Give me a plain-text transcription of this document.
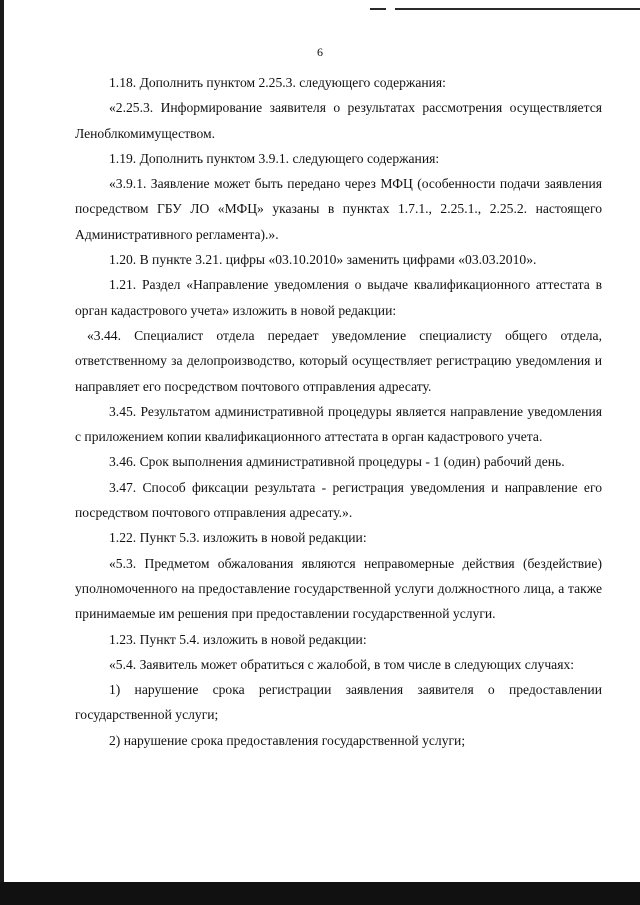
6

1.18. Дополнить пунктом 2.25.3. следующего содержания:

«2.25.3. Информирование заявителя о результатах рассмотрения осуществляется Леноблкомимуществом.

1.19. Дополнить пунктом 3.9.1. следующего содержания:

«3.9.1. Заявление может быть передано через МФЦ (особенности подачи заявления посредством ГБУ ЛО «МФЦ» указаны в пунктах 1.7.1., 2.25.1., 2.25.2. настоящего Административного регламента).».

1.20. В пункте 3.21. цифры «03.10.2010» заменить цифрами «03.03.2010».

1.21. Раздел «Направление уведомления о выдаче квалификационного аттестата в орган кадастрового учета» изложить в новой редакции:

«3.44. Специалист отдела передает уведомление специалисту общего отдела, ответственному за делопроизводство, который осуществляет регистрацию уведомления и направляет его посредством почтового отправления адресату.

3.45. Результатом административной процедуры является направление уведомления с приложением копии квалификационного аттестата в орган кадастрового учета.

3.46. Срок выполнения административной процедуры - 1 (один) рабочий день.

3.47. Способ фиксации результата - регистрация уведомления и направление его посредством почтового отправления адресату.».

1.22. Пункт 5.3. изложить в новой редакции:

«5.3. Предметом обжалования являются неправомерные действия (бездействие) уполномоченного на предоставление государственной услуги должностного лица, а также принимаемые им решения при предоставлении государственной услуги.

1.23. Пункт 5.4. изложить в новой редакции:

«5.4. Заявитель может обратиться с жалобой, в том числе в следующих случаях:

1) нарушение срока регистрации заявления заявителя о предоставлении государственной услуги;

2) нарушение срока предоставления государственной услуги;
